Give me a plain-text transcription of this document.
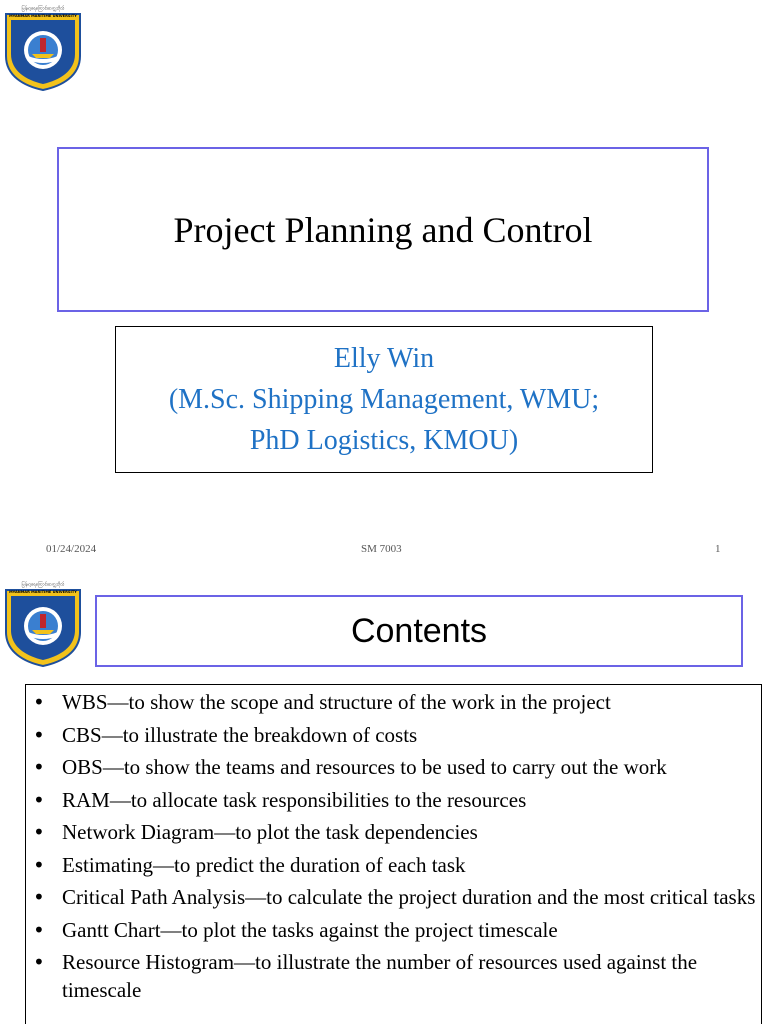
မြန်မာ့ရေကြောင်းတက္ကသိုလ်
MYANMAR MARITIME UNIVERSITY
Project Planning and Control
Elly Win
(M.Sc. Shipping Management, WMU;
PhD Logistics, KMOU)
01/24/2024	SM 7003	1
မြန်မာ့ရေကြောင်းတက္ကသိုလ်
MYANMAR MARITIME UNIVERSITY
Contents
• WBS—to show the scope and structure of the work in the project
• CBS—to illustrate the breakdown of costs
• OBS—to show the teams and resources to be used to carry out the work
• RAM—to allocate task responsibilities to the resources
• Network Diagram—to plot the task dependencies
• Estimating—to predict the duration of each task
• Critical Path Analysis—to calculate the project duration and the most critical tasks
• Gantt Chart—to plot the tasks against the project timescale
• Resource Histogram—to illustrate the number of resources used against the timescale
